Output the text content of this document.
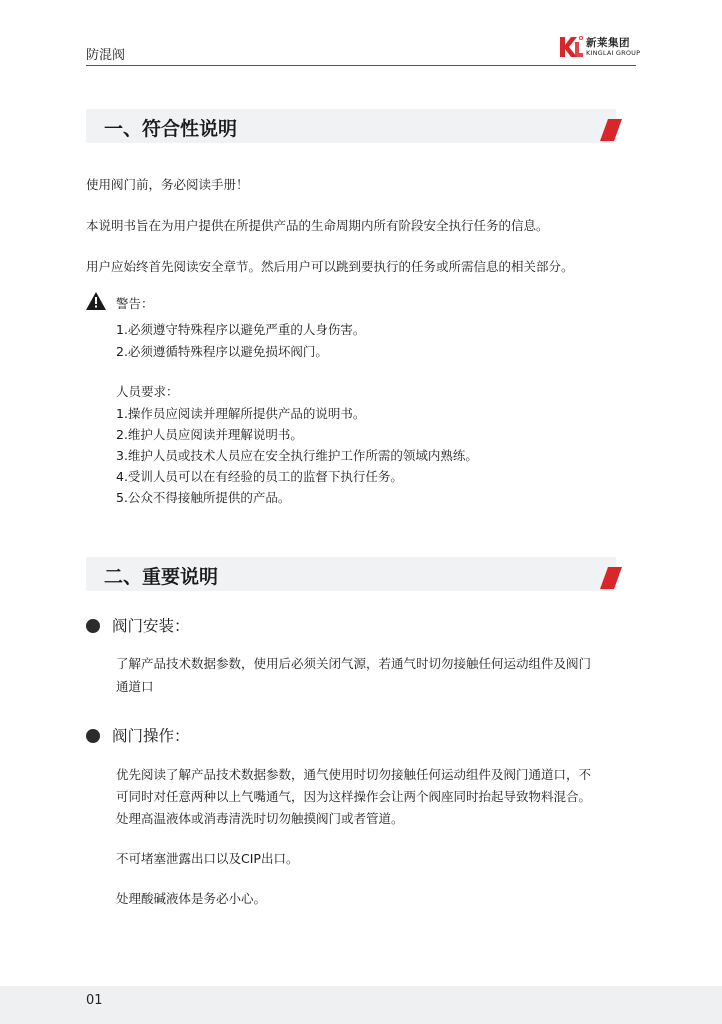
防混阀
新莱集团
KINGLAI GROUP
一、符合性说明

使用阀门前，务必阅读手册！

本说明书旨在为用户提供在所提供产品的生命周期内所有阶段安全执行任务的信息。

用户应始终首先阅读安全章节。然后用户可以跳到要执行的任务或所需信息的相关部分。

警告：

1.必须遵守特殊程序以避免严重的人身伤害。

2.必须遵循特殊程序以避免损坏阀门。

人员要求：

1.操作员应阅读并理解所提供产品的说明书。

2.维护人员应阅读并理解说明书。

3.维护人员或技术人员应在安全执行维护工作所需的领域内熟练。

4.受训人员可以在有经验的员工的监督下执行任务。

5.公众不得接触所提供的产品。

二、重要说明
阀门安装：

了解产品技术数据参数，使用后必须关闭气源，若通气时切勿接触任何运动组件及阀门

通道口

阀门操作：

优先阅读了解产品技术数据参数，通气使用时切勿接触任何运动组件及阀门通道口，不

可同时对任意两种以上气嘴通气，因为这样操作会让两个阀座同时抬起导致物料混合。

处理高温液体或消毒清洗时切勿触摸阀门或者管道。

不可堵塞泄露出口以及CIP出口。

处理酸碱液体是务必小心。

01
